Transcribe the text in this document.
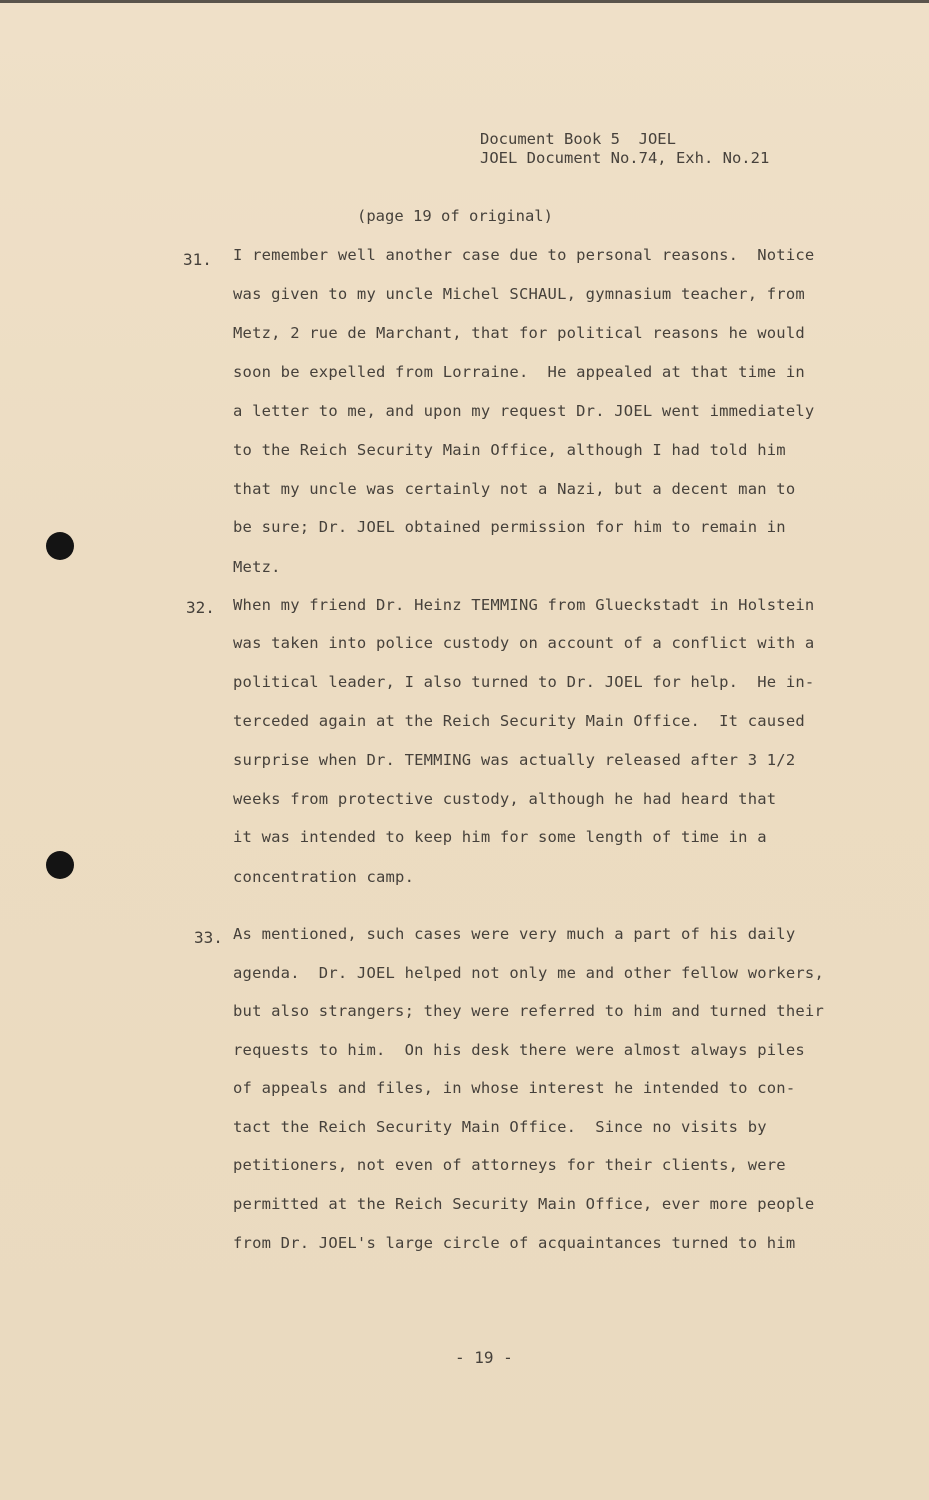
Document Book 5  JOEL
JOEL Document No.74, Exh. No.21
(page 19 of original)
31. I remember well another case due to personal reasons.  Notice
was given to my uncle Michel SCHAUL, gymnasium teacher, from
Metz, 2 rue de Marchant, that for political reasons he would
soon be expelled from Lorraine.  He appealed at that time in
a letter to me, and upon my request Dr. JOEL went immediately
to the Reich Security Main Office, although I had told him
that my uncle was certainly not a Nazi, but a decent man to
be sure; Dr. JOEL obtained permission for him to remain in
Metz.
32. When my friend Dr. Heinz TEMMING from Glueckstadt in Holstein
was taken into police custody on account of a conflict with a
political leader, I also turned to Dr. JOEL for help.  He in-
terceded again at the Reich Security Main Office.  It caused
surprise when Dr. TEMMING was actually released after 3 1/2
weeks from protective custody, although he had heard that
it was intended to keep him for some length of time in a
concentration camp.
33. As mentioned, such cases were very much a part of his daily
agenda.  Dr. JOEL helped not only me and other fellow workers,
but also strangers; they were referred to him and turned their
requests to him.  On his desk there were almost always piles
of appeals and files, in whose interest he intended to con-
tact the Reich Security Main Office.  Since no visits by
petitioners, not even of attorneys for their clients, were
permitted at the Reich Security Main Office, ever more people
from Dr. JOEL's large circle of acquaintances turned to him
- 19 -
